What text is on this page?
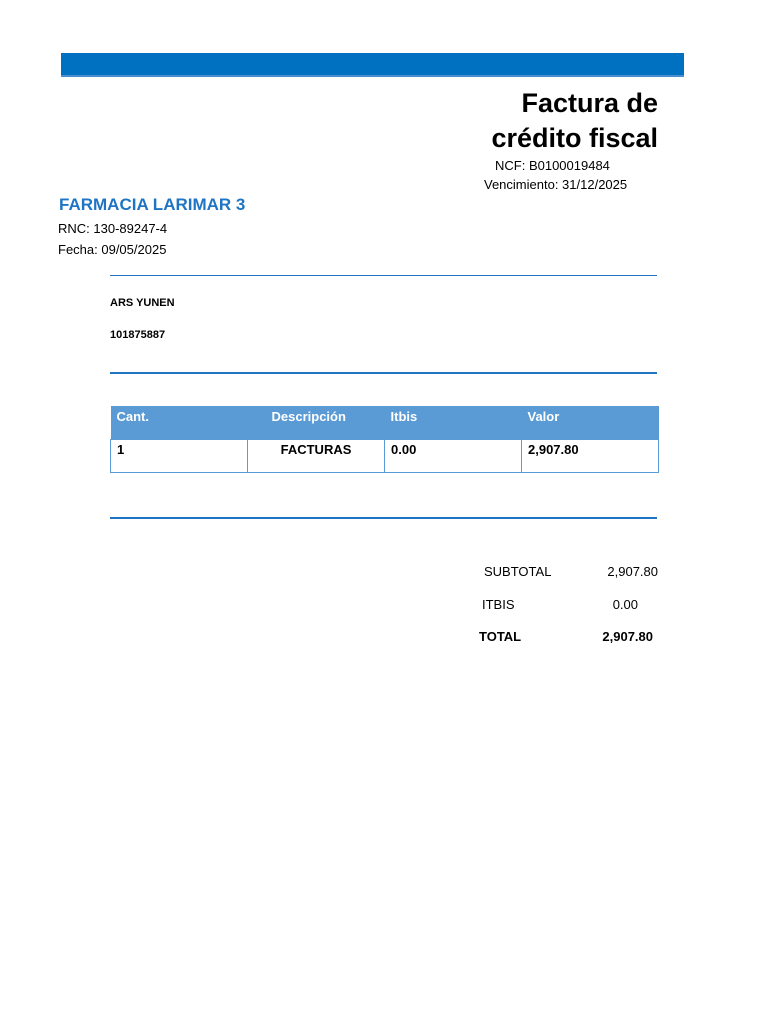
Factura de
crédito fiscal
NCF: B0100019484
Vencimiento: 31/12/2025
FARMACIA LARIMAR 3
RNC: 130-89247-4
Fecha: 09/05/2025
ARS YUNEN
101875887
Cant.	Descripción	Itbis	Valor
1	FACTURAS	0.00	2,907.80
SUBTOTAL	2,907.80
ITBIS	0.00
TOTAL	2,907.80
